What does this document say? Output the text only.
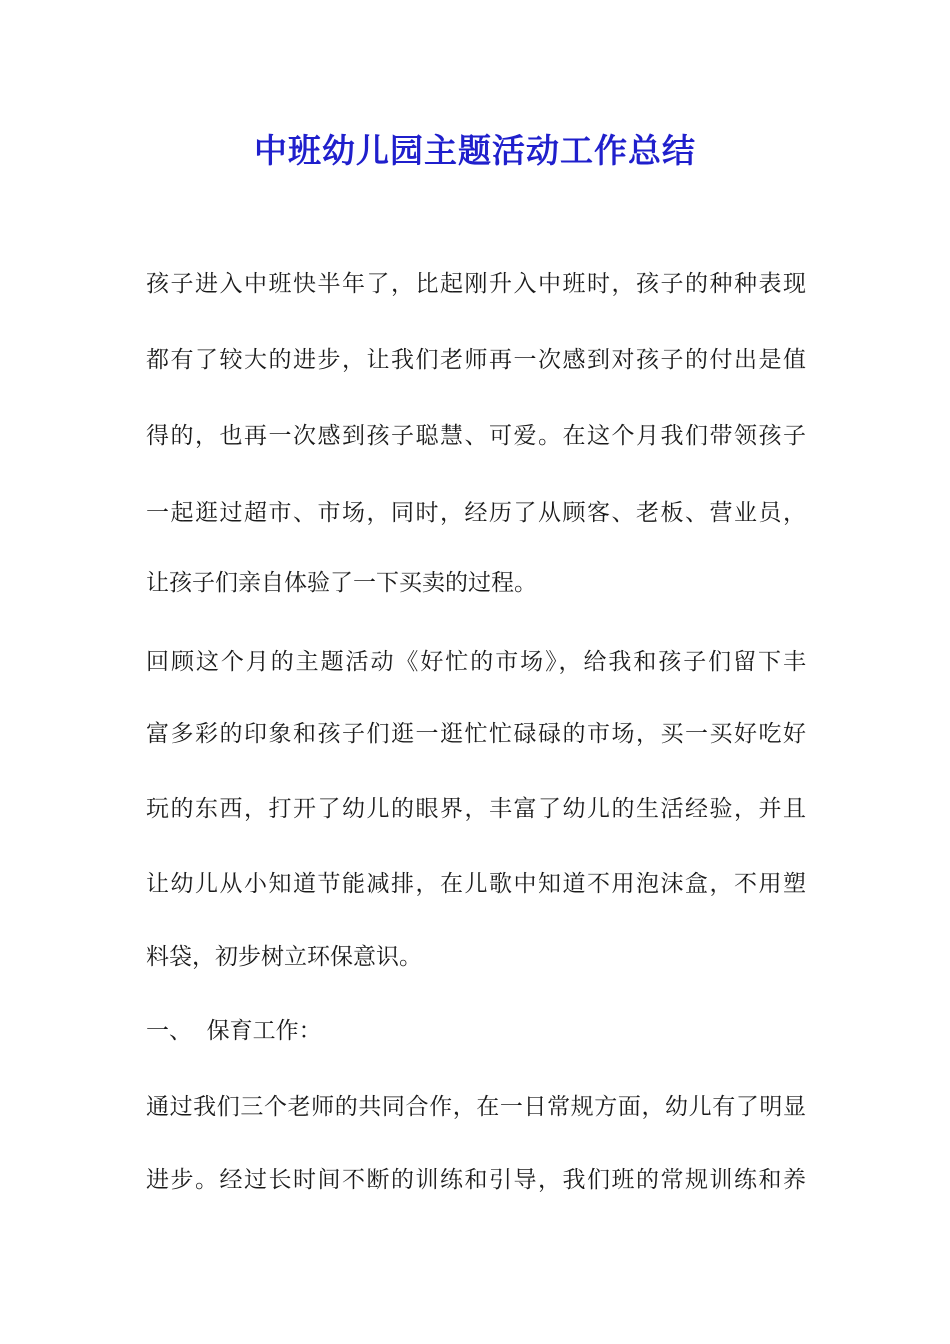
中班幼儿园主题活动工作总结
孩子进入中班快半年了，比起刚升入中班时，孩子的种种表现
都有了较大的进步，让我们老师再一次感到对孩子的付出是值
得的，也再一次感到孩子聪慧、可爱。在这个月我们带领孩子
一起逛过超市、市场，同时，经历了从顾客、老板、营业员，
让孩子们亲自体验了一下买卖的过程。
回顾这个月的主题活动《好忙的市场》，给我和孩子们留下丰
富多彩的印象和孩子们逛一逛忙忙碌碌的市场，买一买好吃好
玩的东西，打开了幼儿的眼界，丰富了幼儿的生活经验，并且
让幼儿从小知道节能减排，在儿歌中知道不用泡沫盒，不用塑
料袋，初步树立环保意识。
一、  保育工作：
通过我们三个老师的共同合作，在一日常规方面，幼儿有了明显
进步。经过长时间不断的训练和引导，我们班的常规训练和养
